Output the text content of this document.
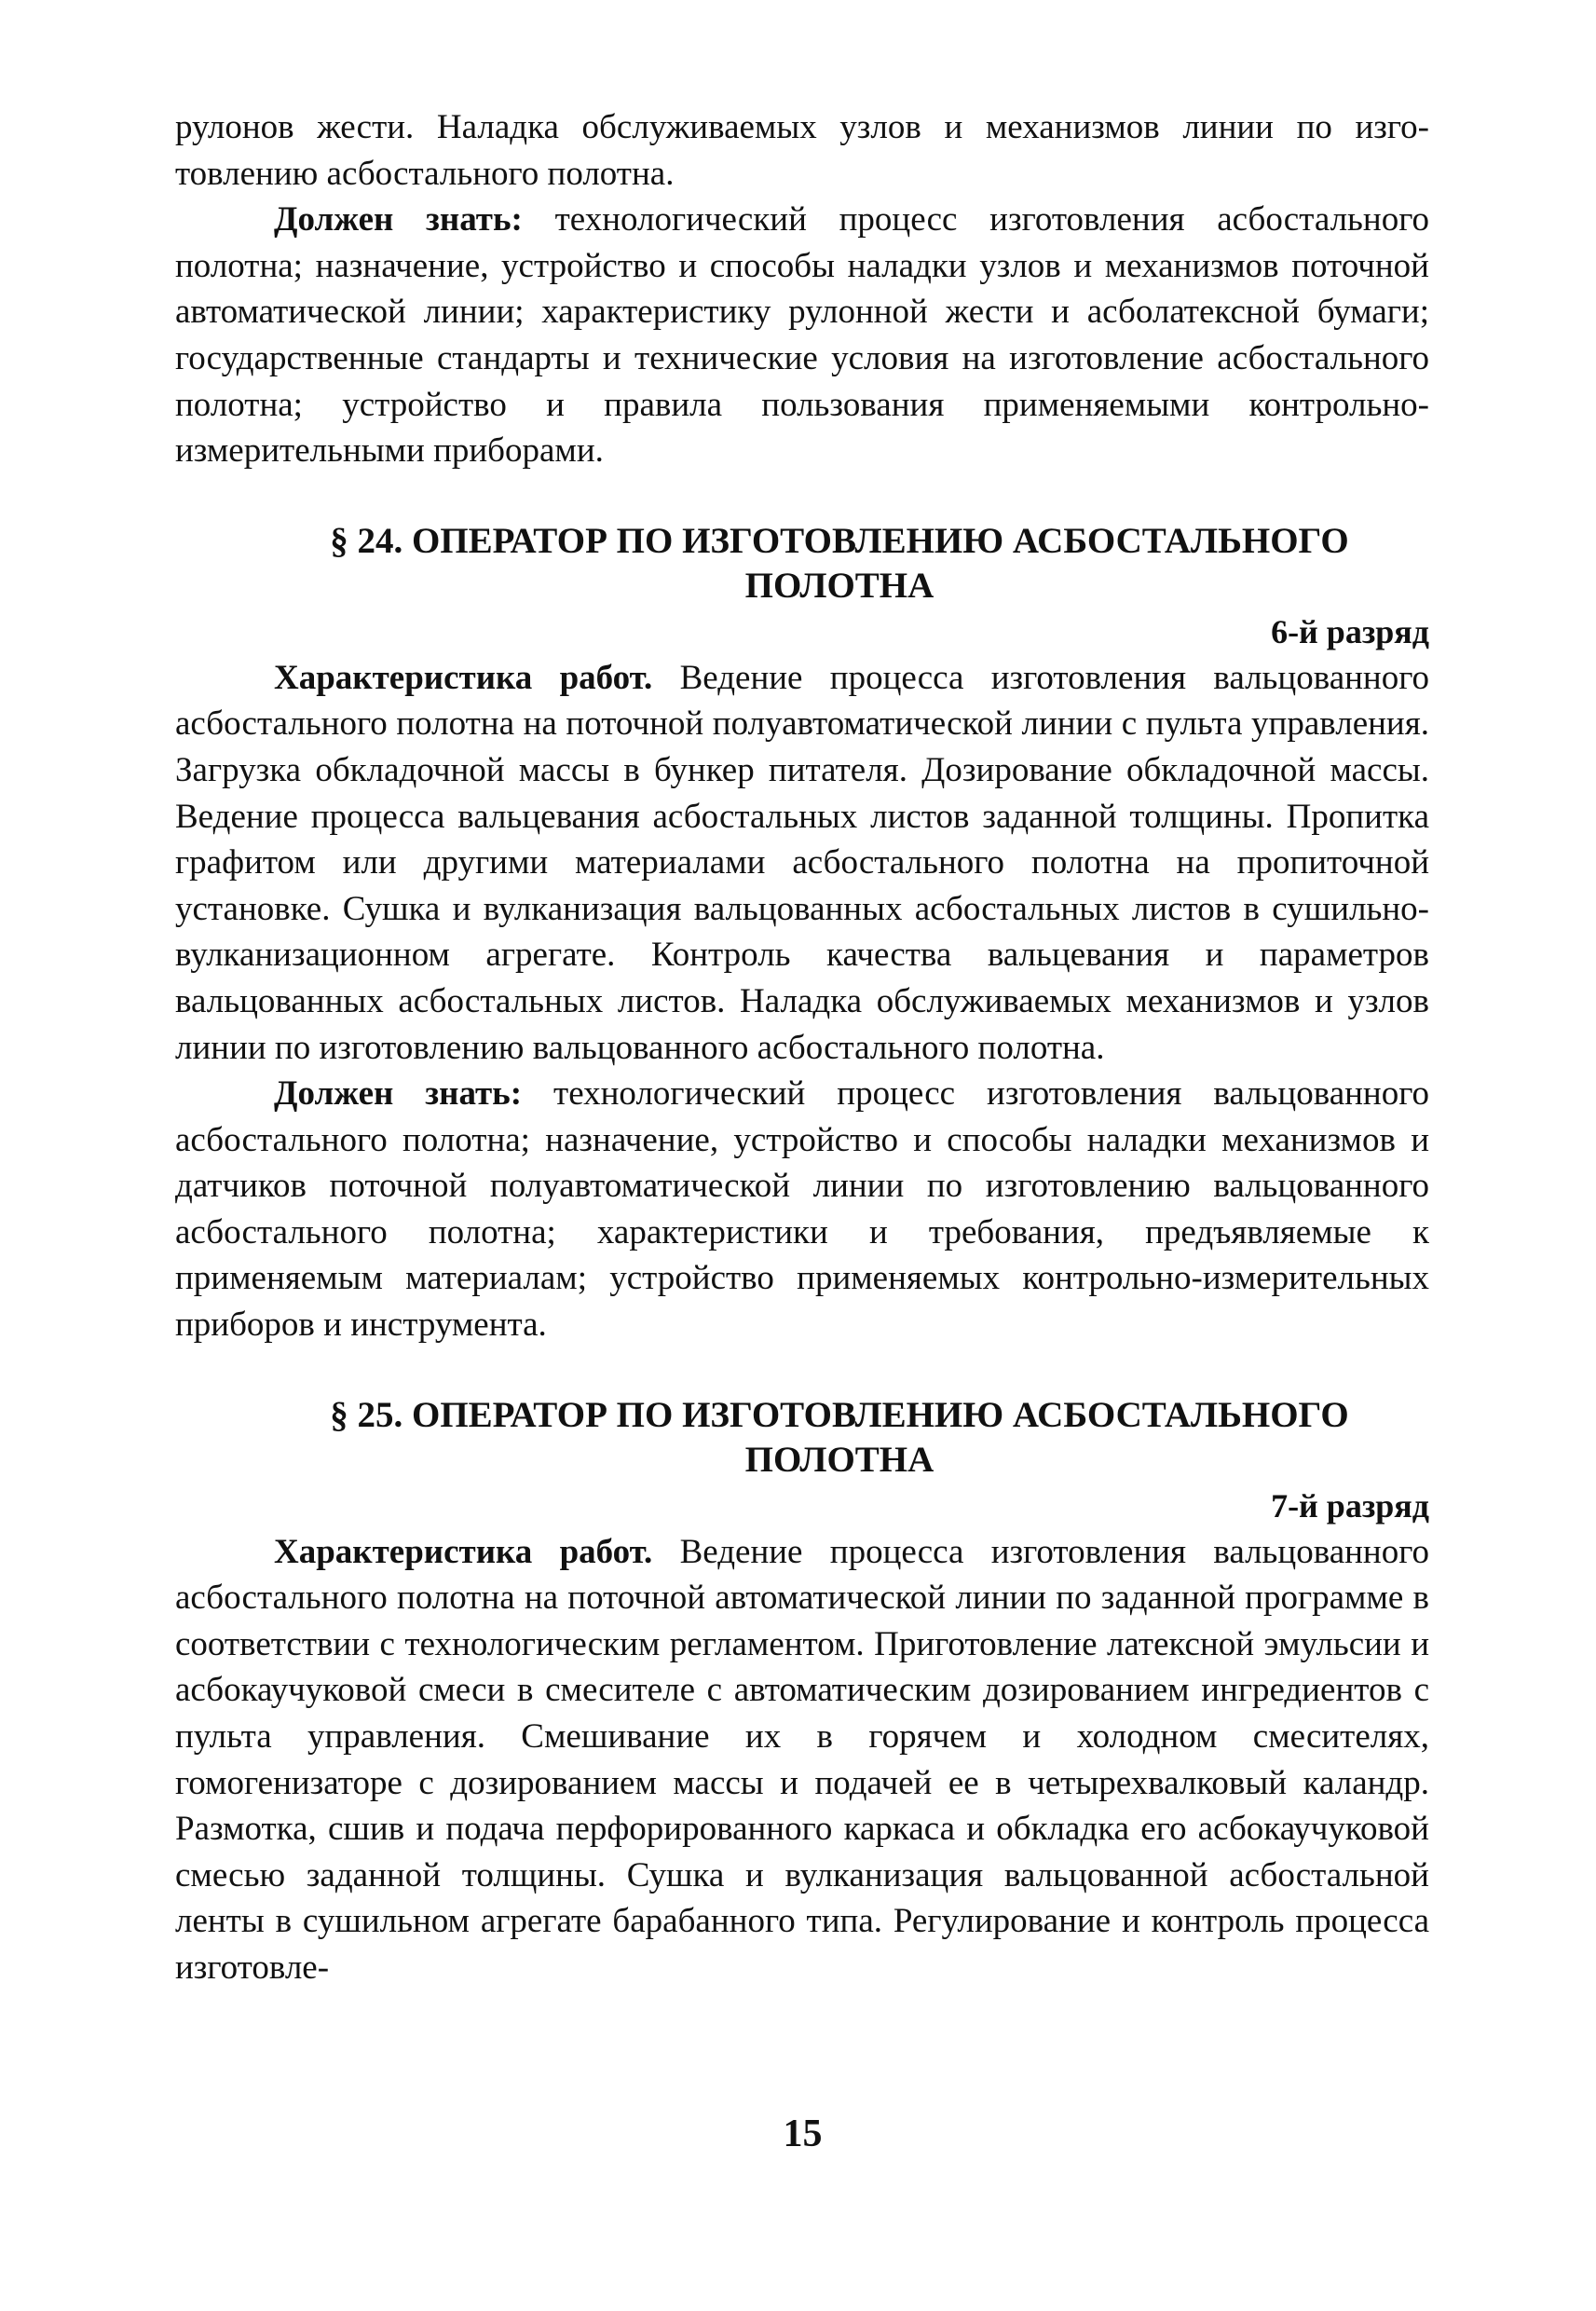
рулонов жести. Наладка обслуживаемых узлов и механизмов линии по изготовлению асбостального полотна.

Должен знать: технологический процесс изготовления асбостального полотна; назначение, устройство и способы наладки узлов и механизмов поточной автоматической линии; характеристику рулонной жести и асболатексной бумаги; государственные стандарты и технические условия на изготовление асбостального полотна; устройство и правила пользования применяемыми контрольно-измерительными приборами.

§ 24. ОПЕРАТОР ПО ИЗГОТОВЛЕНИЮ АСБОСТАЛЬНОГО
ПОЛОТНА
6-й разряд

Характеристика работ. Ведение процесса изготовления вальцованного асбостального полотна на поточной полуавтоматической линии с пульта управления. Загрузка обкладочной массы в бункер питателя. Дозирование обкладочной массы. Ведение процесса вальцевания асбостальных листов заданной толщины. Пропитка графитом или другими материалами асбостального полотна на пропиточной установке. Сушка и вулканизация вальцованных асбостальных листов в сушильно-вулканизационном агрегате. Контроль качества вальцевания и параметров вальцованных асбостальных листов. Наладка обслуживаемых механизмов и узлов линии по изготовлению вальцованного асбостального полотна.

Должен знать: технологический процесс изготовления вальцованного асбостального полотна; назначение, устройство и способы наладки механизмов и датчиков поточной полуавтоматической линии по изготовлению вальцованного асбостального полотна; характеристики и требования, предъявляемые к применяемым материалам; устройство применяемых контрольно-измерительных приборов и инструмента.

§ 25. ОПЕРАТОР ПО ИЗГОТОВЛЕНИЮ АСБОСТАЛЬНОГО
ПОЛОТНА
7-й разряд

Характеристика работ. Ведение процесса изготовления вальцованного асбостального полотна на поточной автоматической линии по заданной программе в соответствии с технологическим регламентом. Приготовление латексной эмульсии и асбокаучуковой смеси в смесителе с автоматическим дозированием ингредиентов с пульта управления. Смешивание их в горячем и холодном смесителях, гомогенизаторе с дозированием массы и подачей ее в четырехвалковый каландр. Размотка, сшив и подача перфорированного каркаса и обкладка его асбокаучуковой смесью заданной толщины. Сушка и вулканизация вальцованной асбостальной ленты в сушильном агрегате барабанного типа. Регулирование и контроль процесса изготовле-

15
